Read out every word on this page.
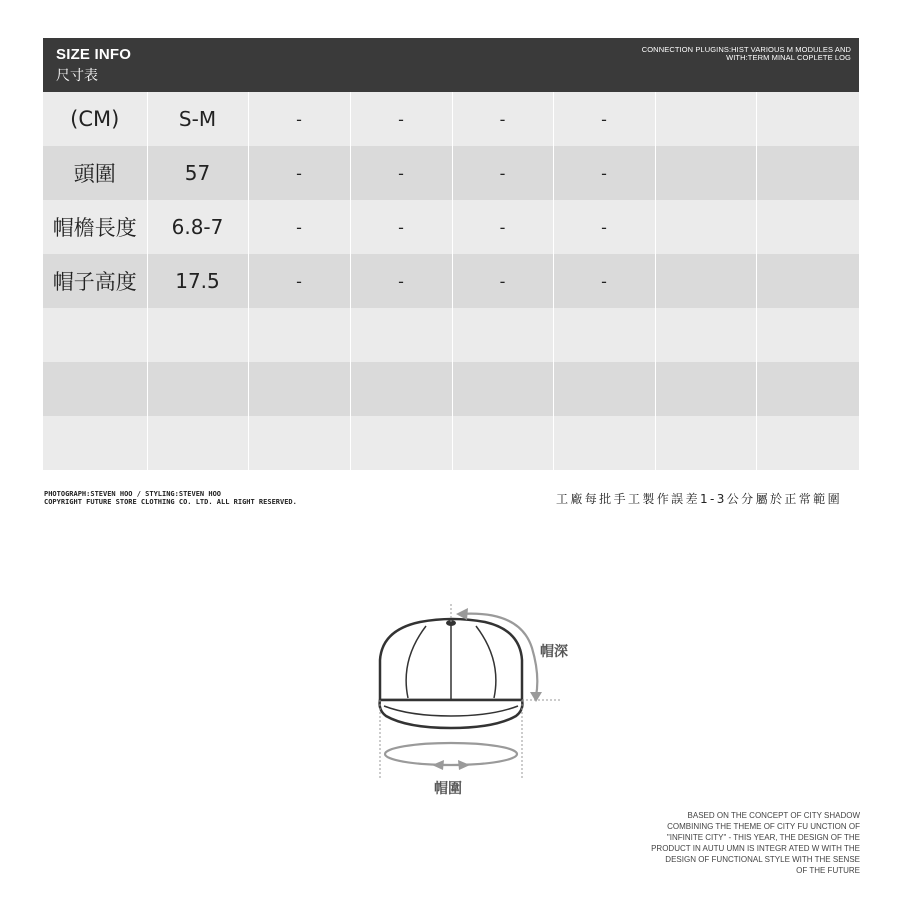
SIZE INFO
尺寸表
CONNECTION PLUGINS:HIST VARIOUS M MODULES AND
WITH:TERM MINAL COPLETE LOG
(CM)	S-M	-	-	-	-		
頭圍	57	-	-	-	-		
帽檐長度	6.8-7	-	-	-	-		
帽子高度	17.5	-	-	-	-		

PHOTOGRAPH:STEVEN HOO / STYLING:STEVEN HOO
COPYRIGHT FUTURE STORE CLOTHING CO. LTD. ALL RIGHT RESERVED.	工廠每批手工製作誤差1-3公分屬於正常範圍
帽深
帽圍
BASED ON THE CONCEPT OF CITY SHADOW
COMBINING THE THEME OF CITY FU UNCTION OF
"INFINITE CITY" - THIS YEAR, THE DESIGN OF THE
PRODUCT IN AUTU UMN IS INTEGR ATED W WITH THE
DESIGN OF FUNCTIONAL STYLE WITH THE SENSE
OF THE FUTURE
